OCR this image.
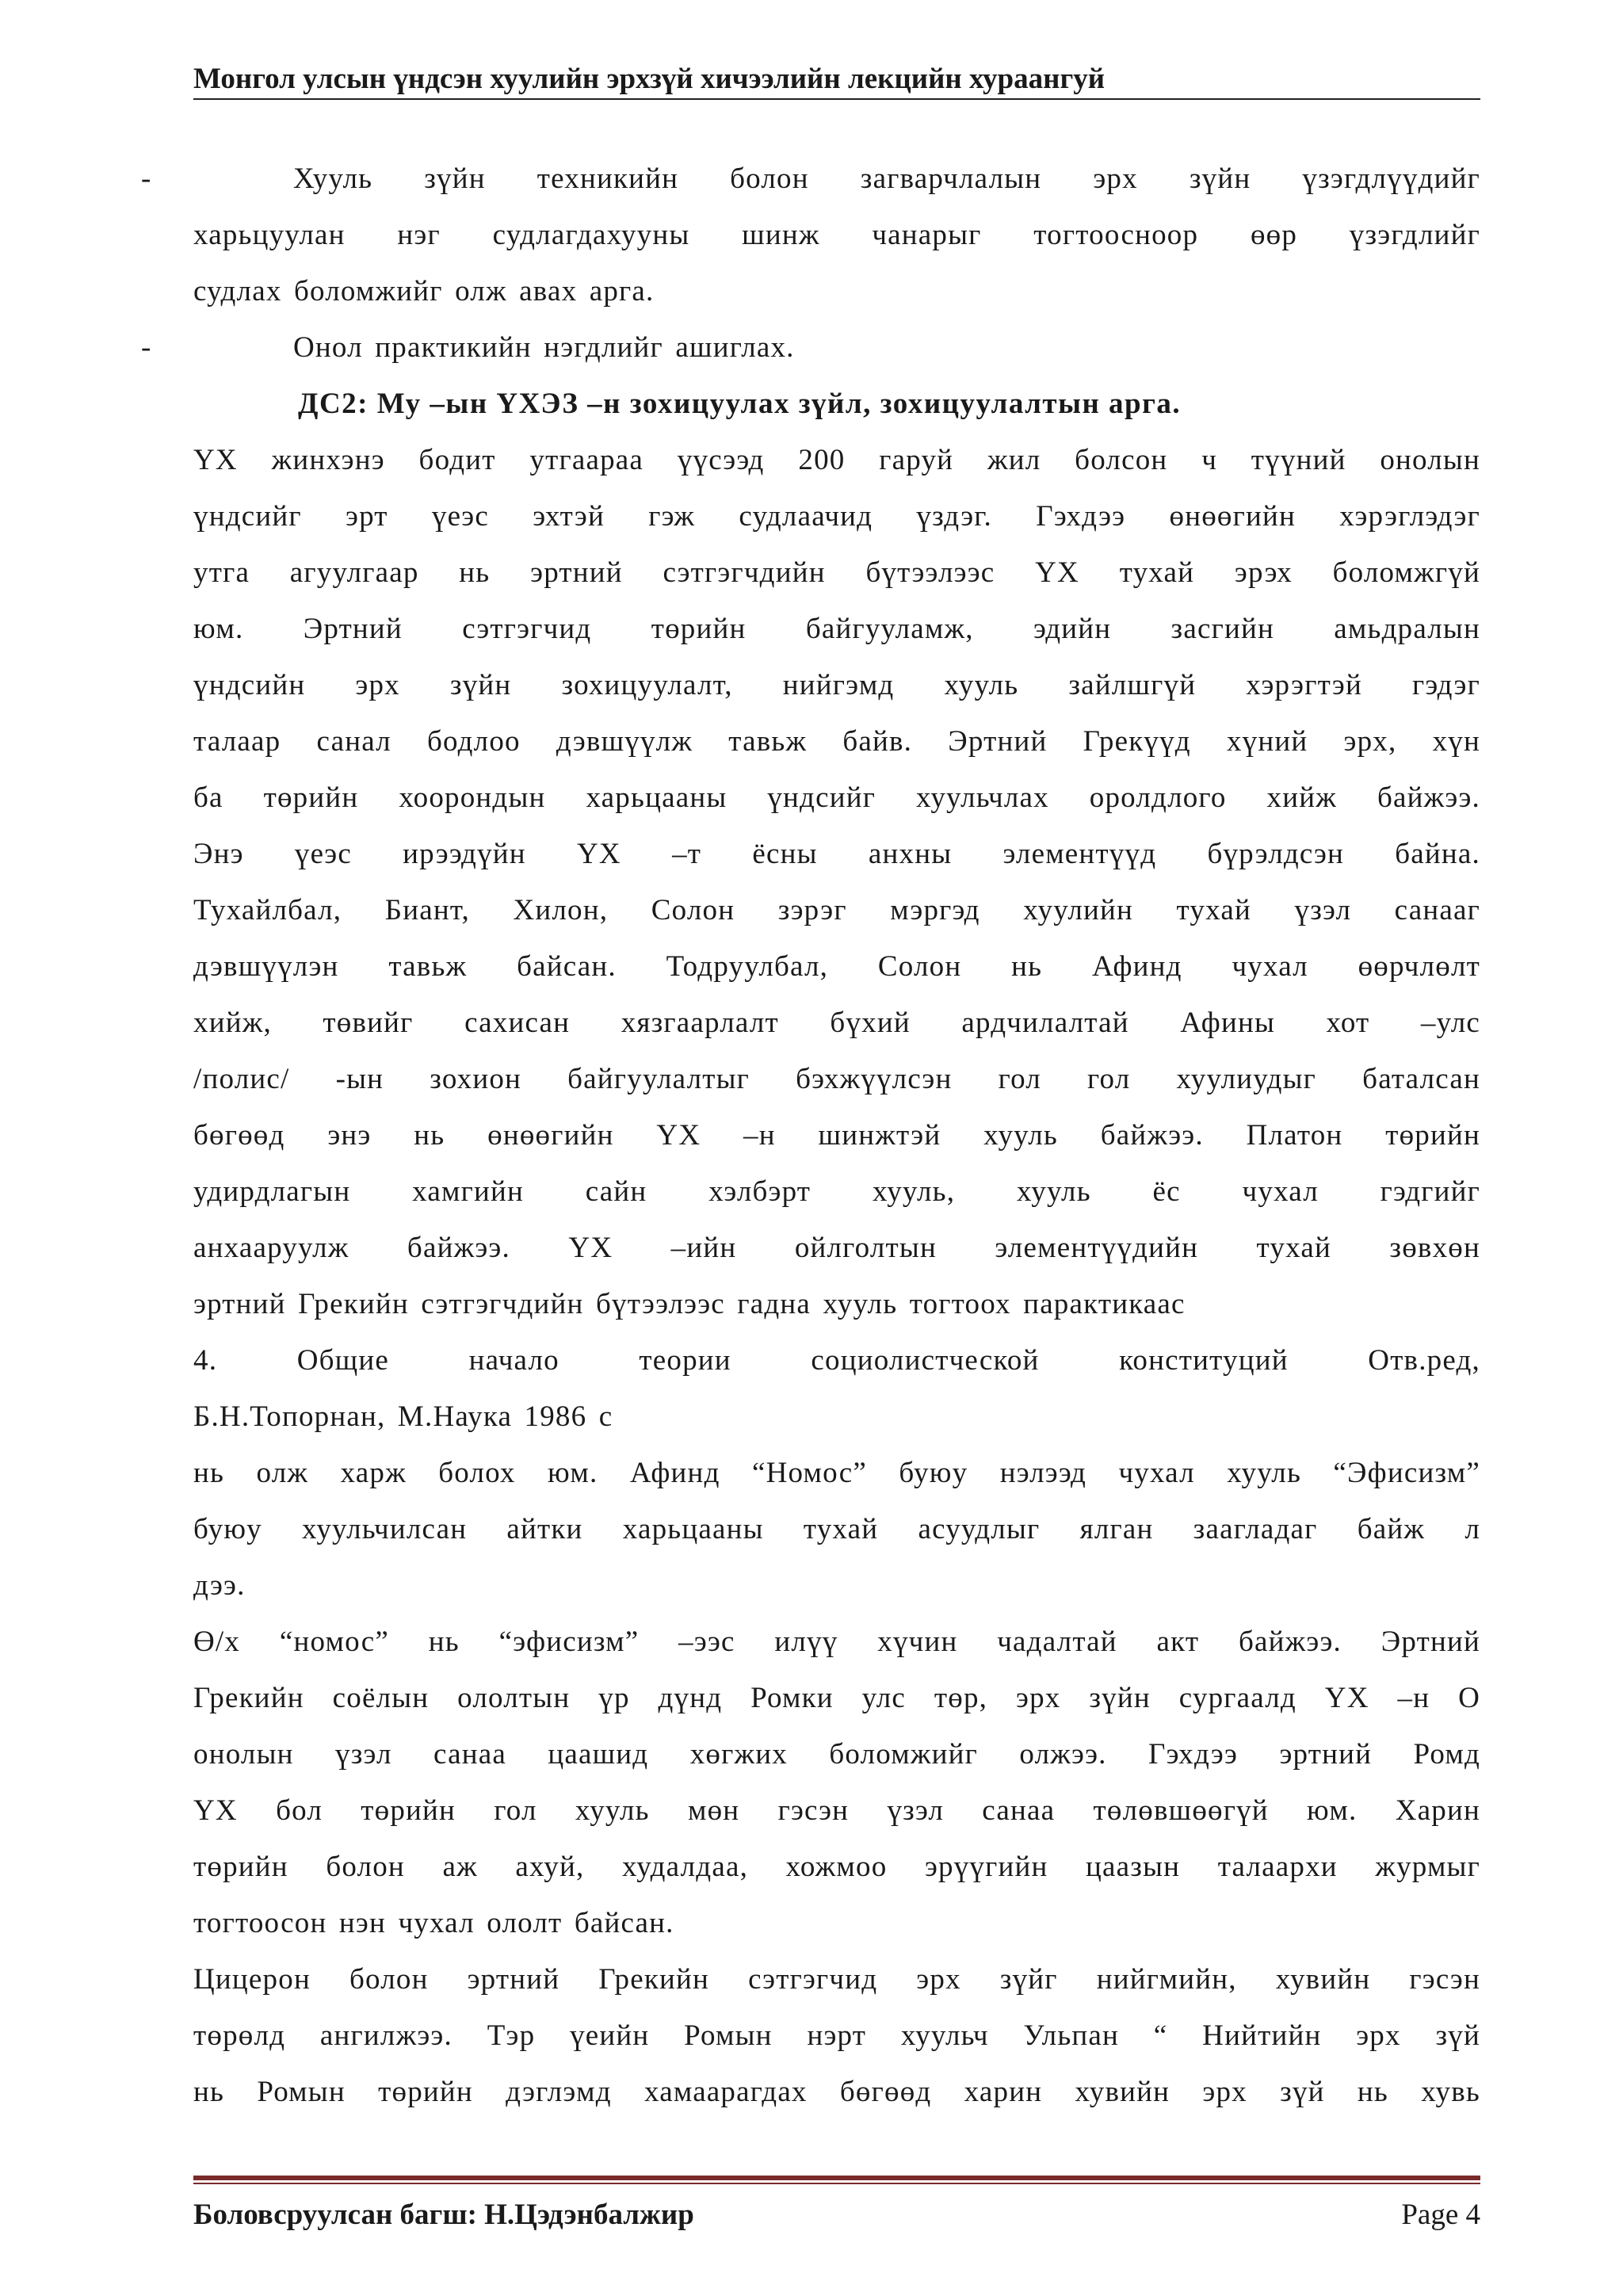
Монгол улсын үндсэн хуулийн эрхзүй хичээлийн лекцийн хураангуй
-	Хууль зүйн техникийн болон загварчлалын эрх зүйн үзэгдлүүдийг

харьцуулан нэг судлагдахууны шинж чанарыг тогтоосноор өөр үзэгдлийг

судлах боломжийг олж авах арга.

-	Онол практикийн нэгдлийг ашиглах.

ДС2: Му –ын ҮХЭЗ –н зохицуулах зүйл, зохицуулалтын арга.

ҮХ жинхэнэ бодит утгаараа үүсээд 200 гаруй жил болсон ч түүний онолын

үндсийг эрт үеэс эхтэй гэж судлаачид үздэг. Гэхдээ өнөөгийн хэрэглэдэг

утга агуулгаар нь эртний сэтгэгчдийн бүтээлээс ҮХ тухай эрэх боломжгүй

юм. Эртний сэтгэгчид төрийн байгууламж, эдийн засгийн амьдралын

үндсийн эрх зүйн зохицуулалт, нийгэмд хууль зайлшгүй хэрэгтэй гэдэг

талаар санал бодлоо дэвшүүлж тавьж байв. Эртний Грекүүд хүний эрх, хүн

ба төрийн хоорондын харьцааны үндсийг хуульчлах оролдлого хийж байжээ.

Энэ үеэс ирээдүйн ҮХ –т ёсны анхны элементүүд бүрэлдсэн байна.

Тухайлбал, Биант, Хилон, Солон зэрэг мэргэд хуулийн тухай үзэл санааг

дэвшүүлэн тавьж байсан. Тодруулбал, Солон нь Афинд чухал өөрчлөлт

хийж, төвийг сахисан хязгаарлалт бүхий ардчилалтай Афины хот –улс

/полис/ -ын зохион байгуулалтыг бэхжүүлсэн гол гол хуулиудыг баталсан

бөгөөд энэ нь өнөөгийн ҮХ –н шинжтэй хууль байжээ. Платон төрийн

удирдлагын хамгийн сайн хэлбэрт хууль, хууль ёс чухал гэдгийг

анхааруулж байжээ. ҮХ –ийн ойлголтын элементүүдийн тухай зөвхөн

эртний Грекийн сэтгэгчдийн бүтээлээс гадна хууль тогтоох парактикаас

4. Общие начало теории социолистческой конституций Отв.ред,

Б.Н.Топорнан, М.Наука 1986 с

нь олж харж болох юм. Афинд “Номос” буюу нэлээд чухал хууль “Эфисизм”

буюу хуульчилсан айтки харьцааны тухай асуудлыг ялган заагладаг байж л

дээ.

Ө/х “номос” нь “эфисизм” –ээс илүү хүчин чадалтай акт байжээ. Эртний

Грекийн соёлын ололтын үр дүнд Ромки улс төр, эрх зүйн сургаалд ҮХ –н О

онолын үзэл санаа цаашид хөгжих боломжийг олжээ. Гэхдээ эртний Ромд

ҮХ бол төрийн гол хууль мөн гэсэн үзэл санаа төлөвшөөгүй юм. Харин

төрийн болон аж ахуй, худалдаа, хожмоо эрүүгийн цаазын талаархи журмыг

тогтоосон нэн чухал ололт байсан.

Цицерон болон эртний Грекийн сэтгэгчид эрх зүйг нийгмийн, хувийн гэсэн

төрөлд ангилжээ. Тэр үеийн Ромын нэрт хуульч Ульпан “ Нийтийн эрх зүй

нь Ромын төрийн дэглэмд хамаарагдах бөгөөд харин хувийн эрх зүй нь хувь

Боловсруулсан багш: Н.Цэдэнбалжир	Page 4
